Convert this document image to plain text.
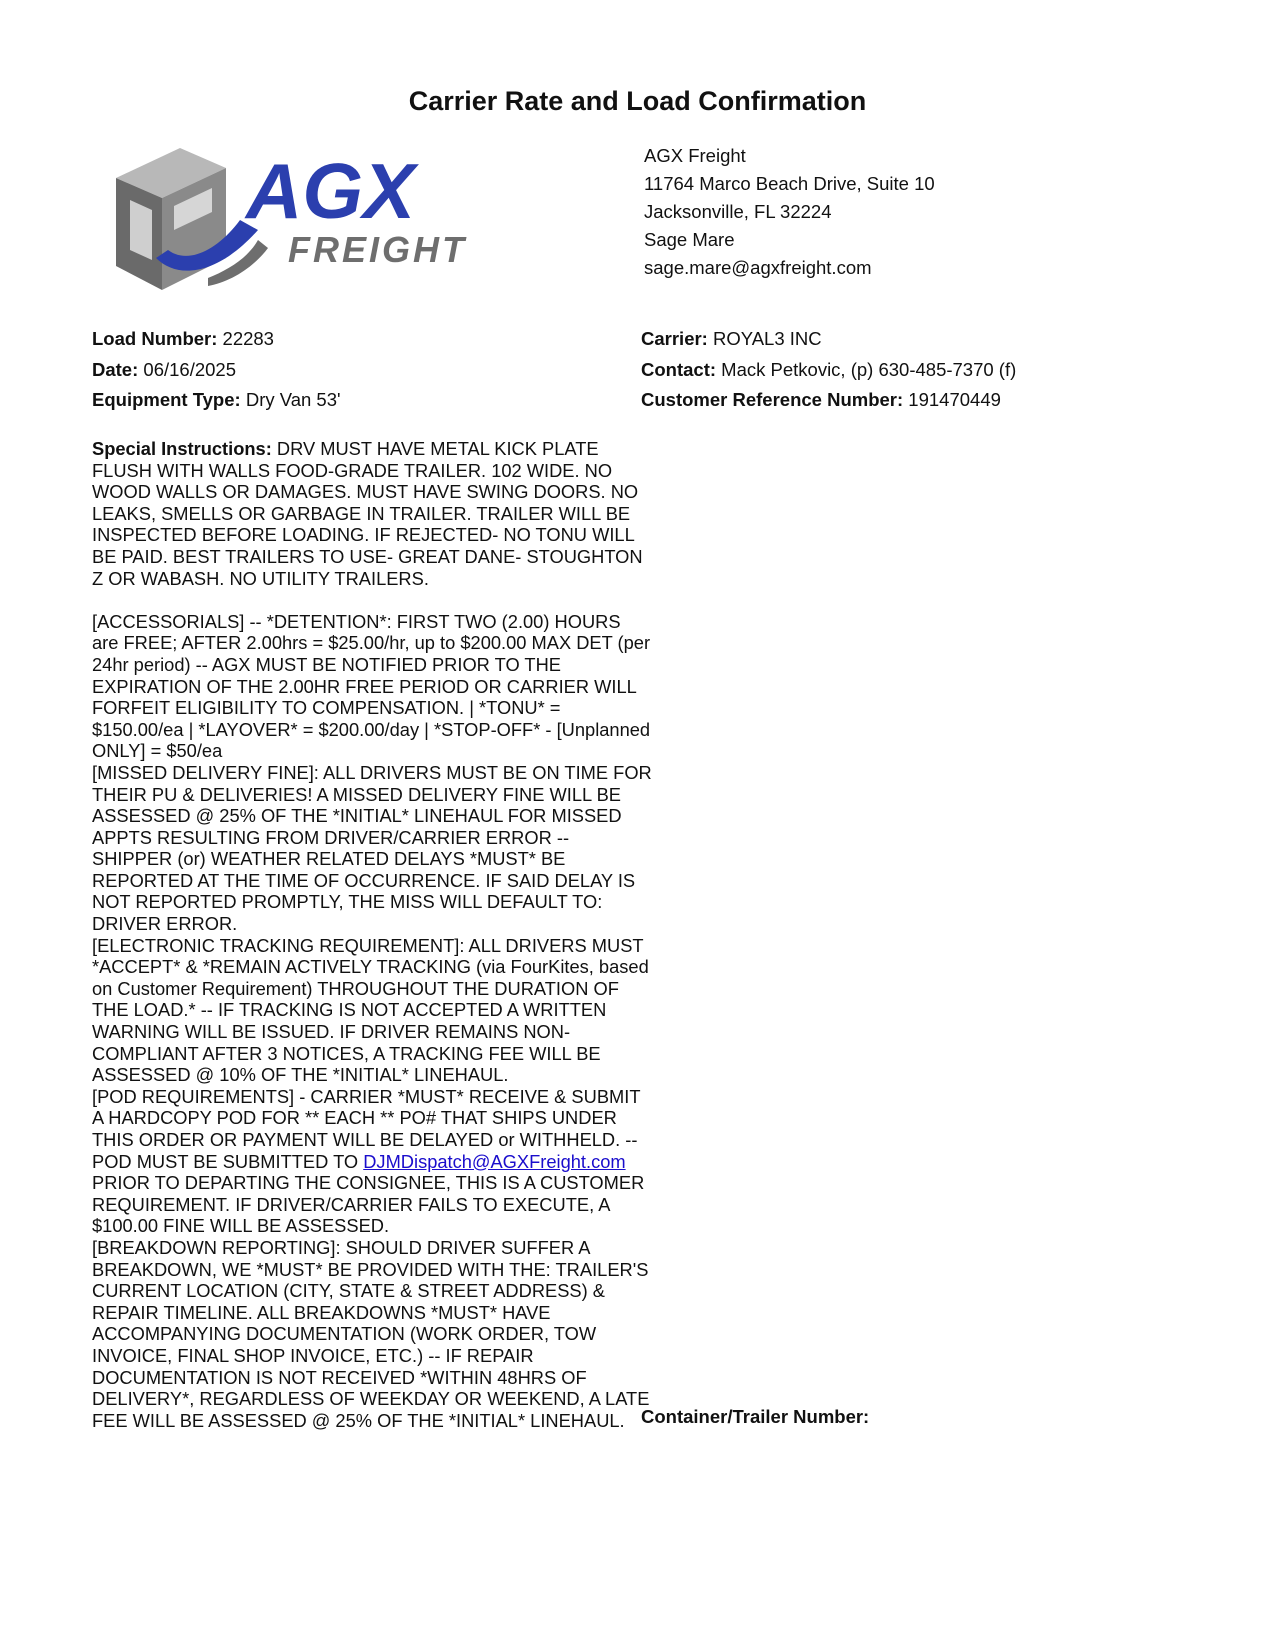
Carrier Rate and Load Confirmation
AGX
FREIGHT
AGX Freight
11764 Marco Beach Drive, Suite 10
Jacksonville, FL 32224
Sage Mare
sage.mare@agxfreight.com
Load Number: 22283
Date: 06/16/2025
Equipment Type: Dry Van 53'
Carrier: ROYAL3 INC
Contact: Mack Petkovic, (p) 630-485-7370 (f)
Customer Reference Number: 191470449

Special Instructions: DRV MUST HAVE METAL KICK PLATE FLUSH WITH WALLS FOOD-GRADE TRAILER. 102 WIDE. NO WOOD WALLS OR DAMAGES. MUST HAVE SWING DOORS. NO LEAKS, SMELLS OR GARBAGE IN TRAILER. TRAILER WILL BE INSPECTED BEFORE LOADING. IF REJECTED- NO TONU WILL BE PAID. BEST TRAILERS TO USE- GREAT DANE- STOUGHTON Z OR WABASH. NO UTILITY TRAILERS.

[ACCESSORIALS] -- *DETENTION*: FIRST TWO (2.00) HOURS are FREE; AFTER 2.00hrs = $25.00/hr, up to $200.00 MAX DET (per 24hr period) -- AGX MUST BE NOTIFIED PRIOR TO THE EXPIRATION OF THE 2.00HR FREE PERIOD OR CARRIER WILL FORFEIT ELIGIBILITY TO COMPENSATION. | *TONU* = $150.00/ea | *LAYOVER* = $200.00/day | *STOP-OFF* - [Unplanned ONLY] = $50/ea

[MISSED DELIVERY FINE]: ALL DRIVERS MUST BE ON TIME FOR THEIR PU & DELIVERIES! A MISSED DELIVERY FINE WILL BE ASSESSED @ 25% OF THE *INITIAL* LINEHAUL FOR MISSED APPTS RESULTING FROM DRIVER/CARRIER ERROR -- SHIPPER (or) WEATHER RELATED DELAYS *MUST* BE REPORTED AT THE TIME OF OCCURRENCE. IF SAID DELAY IS NOT REPORTED PROMPTLY, THE MISS WILL DEFAULT TO: DRIVER ERROR.

[ELECTRONIC TRACKING REQUIREMENT]: ALL DRIVERS MUST *ACCEPT* & *REMAIN ACTIVELY TRACKING (via FourKites, based on Customer Requirement) THROUGHOUT THE DURATION OF THE LOAD.* -- IF TRACKING IS NOT ACCEPTED A WRITTEN WARNING WILL BE ISSUED. IF DRIVER REMAINS NON-COMPLIANT AFTER 3 NOTICES, A TRACKING FEE WILL BE ASSESSED @ 10% OF THE *INITIAL* LINEHAUL.

[POD REQUIREMENTS] - CARRIER *MUST* RECEIVE & SUBMIT A HARDCOPY POD FOR ** EACH ** PO# THAT SHIPS UNDER THIS ORDER OR PAYMENT WILL BE DELAYED or WITHHELD. -- POD MUST BE SUBMITTED TO DJMDispatch@AGXFreight.com PRIOR TO DEPARTING THE CONSIGNEE, THIS IS A CUSTOMER REQUIREMENT. IF DRIVER/CARRIER FAILS TO EXECUTE, A $100.00 FINE WILL BE ASSESSED.

[BREAKDOWN REPORTING]: SHOULD DRIVER SUFFER A BREAKDOWN, WE *MUST* BE PROVIDED WITH THE: TRAILER'S CURRENT LOCATION (CITY, STATE & STREET ADDRESS) & REPAIR TIMELINE. ALL BREAKDOWNS *MUST* HAVE ACCOMPANYING DOCUMENTATION (WORK ORDER, TOW INVOICE, FINAL SHOP INVOICE, ETC.) -- IF REPAIR DOCUMENTATION IS NOT RECEIVED *WITHIN 48HRS OF DELIVERY*, REGARDLESS OF WEEKDAY OR WEEKEND, A LATE FEE WILL BE ASSESSED @ 25% OF THE *INITIAL* LINEHAUL. Container/Trailer Number:
